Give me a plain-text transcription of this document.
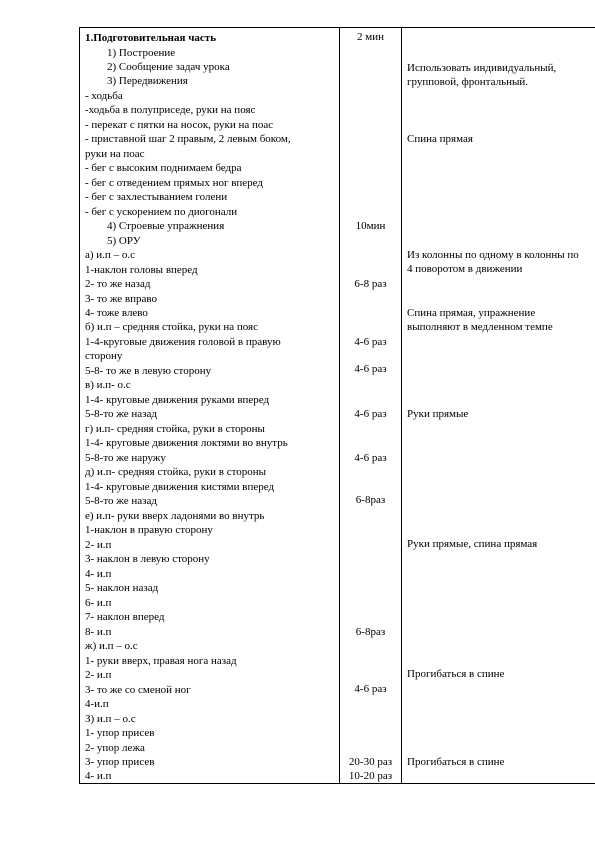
1.Подготовительная часть
1) Построение
2) Сообщение задач урока
3) Передвижения
- ходьба
-ходьба в полуприседе, руки на пояс
- перекат с пятки на носок, руки на поас
- приставной шаг 2 правым, 2 левым боком,
руки на поас
- бег с высоким поднимаем бедра
- бег с отведением прямых ног вперед
- бег с захлестыванием голени
- бег с ускорением по диогонали
4) Строевые упражнения
5) ОРУ
а) и.п – о.с
1-наклон головы вперед
2- то же назад
3- то же вправо
4- тоже влево
б) и.п – средняя стойка, руки на пояс
1-4-круговые движения головой в правую
сторону
5-8- то же в левую сторону
в) и.п- о.с
1-4- круговые движения руками вперед
5-8-то же назад
г) и.п- средняя стойка, руки в стороны
1-4- круговые движения локтями во внутрь
5-8-то же наружу
д) и.п- средняя стойка, руки в стороны
1-4- круговые движения кистями вперед
5-8-то же назад
е) и.п- руки вверх ладонями во внутрь
1-наклон в правую сторону
2- и.п
3- наклон в левую сторону
4- и.п
5- наклон назад
6- и.п
7- наклон вперед
8- и.п
ж) и.п – о.с
1- руки вверх, правая нога назад
2- и.п
3- то же со сменой ног
4-и.п
З) и.п – о.с
1- упор присев
2- упор лежа
3- упор присев
4- и.п
2 мин
10мин
6-8 раз
4-6 раз
4-6 раз
4-6 раз
4-6 раз
6-8раз
6-8раз
4-6 раз
20-30 раз
10-20 раз
Использовать индивидуальный,
групповой, фронтальный.
Спина прямая
Из колонны по одному в колонны по
4 поворотом в движении
Спина прямая, упражнение
выполняют в медленном темпе
Руки прямые
Руки прямые, спина прямая
Прогибаться в спине
Прогибаться в спине
